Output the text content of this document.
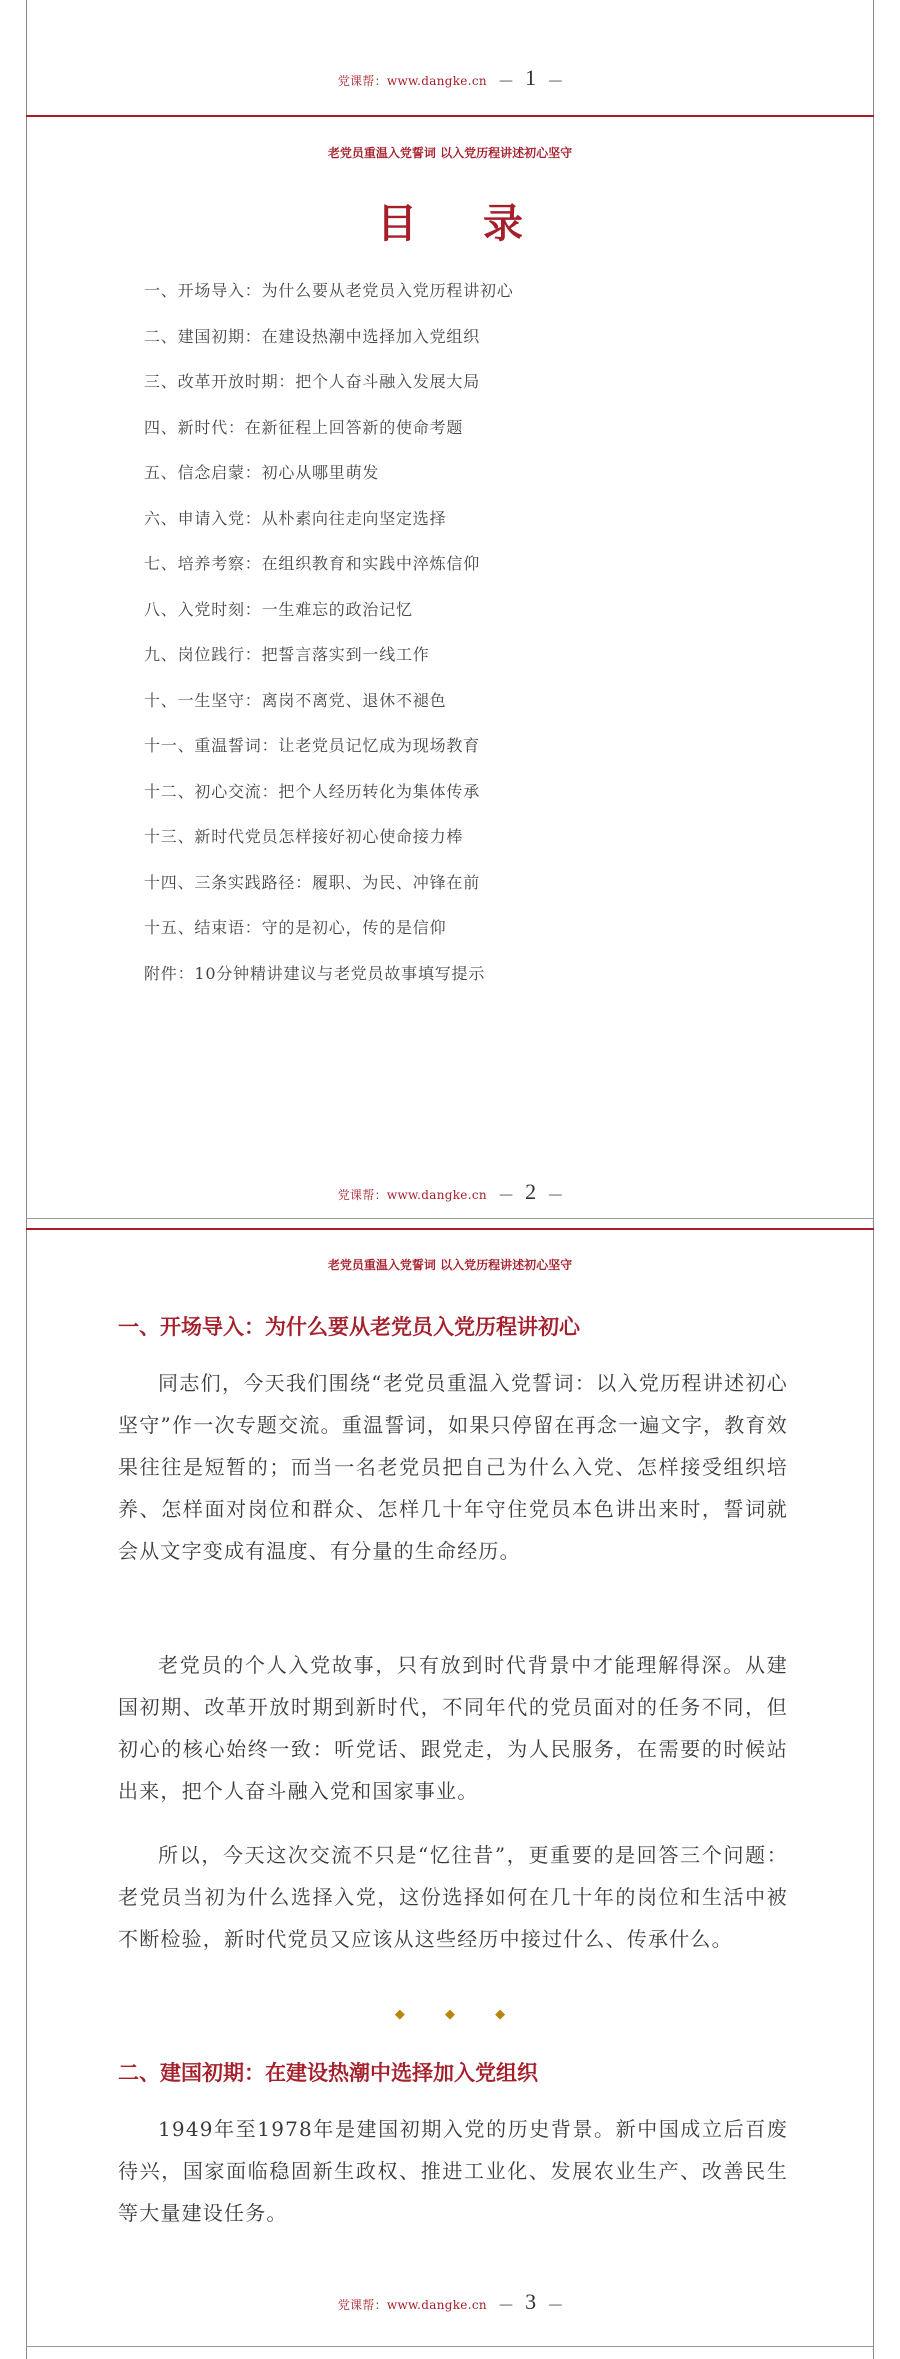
党课帮：www.dangke.cn — 1 —
老党员重温入党誓词 以入党历程讲述初心坚守
目 录
一、开场导入：为什么要从老党员入党历程讲初心
二、建国初期：在建设热潮中选择加入党组织
三、改革开放时期：把个人奋斗融入发展大局
四、新时代：在新征程上回答新的使命考题
五、信念启蒙：初心从哪里萌发
六、申请入党：从朴素向往走向坚定选择
七、培养考察：在组织教育和实践中淬炼信仰
八、入党时刻：一生难忘的政治记忆
九、岗位践行：把誓言落实到一线工作
十、一生坚守：离岗不离党、退休不褪色
十一、重温誓词：让老党员记忆成为现场教育
十二、初心交流：把个人经历转化为集体传承
十三、新时代党员怎样接好初心使命接力棒
十四、三条实践路径：履职、为民、冲锋在前
十五、结束语：守的是初心，传的是信仰
附件：10分钟精讲建议与老党员故事填写提示
党课帮：www.dangke.cn — 2 —
老党员重温入党誓词 以入党历程讲述初心坚守
一、开场导入：为什么要从老党员入党历程讲初心

同志们，今天我们围绕“老党员重温入党誓词：以入党历程讲述初心坚守”作一次专题交流。重温誓词，如果只停留在再念一遍文字，教育效果往往是短暂的；而当一名老党员把自己为什么入党、怎样接受组织培养、怎样面对岗位和群众、怎样几十年守住党员本色讲出来时，誓词就会从文字变成有温度、有分量的生命经历。

老党员的个人入党故事，只有放到时代背景中才能理解得深。从建国初期、改革开放时期到新时代，不同年代的党员面对的任务不同，但初心的核心始终一致：听党话、跟党走，为人民服务，在需要的时候站出来，把个人奋斗融入党和国家事业。

所以，今天这次交流不只是“忆往昔”，更重要的是回答三个问题：老党员当初为什么选择入党，这份选择如何在几十年的岗位和生活中被不断检验，新时代党员又应该从这些经历中接过什么、传承什么。

◆ ◆ ◆
二、建国初期：在建设热潮中选择加入党组织

1949年至1978年是建国初期入党的历史背景。新中国成立后百废待兴，国家面临稳固新生政权、推进工业化、发展农业生产、改善民生等大量建设任务。

党课帮：www.dangke.cn — 3 —
